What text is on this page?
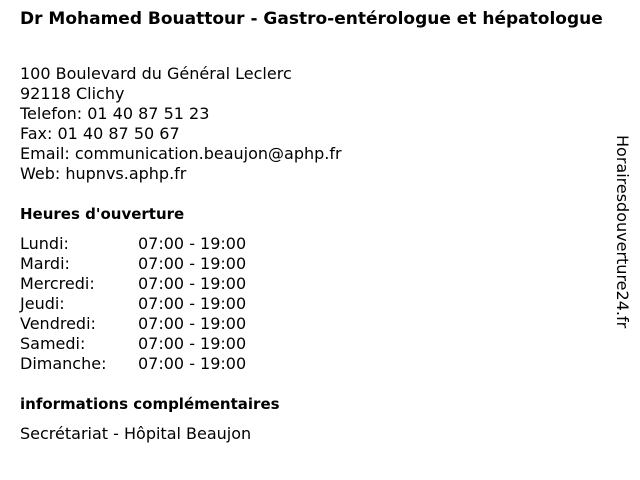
Dr Mohamed Bouattour - Gastro-entérologue et hépatologue
100 Boulevard du Général Leclerc
92118 Clichy
Telefon: 01 40 87 51 23
Fax: 01 40 87 50 67
Email: communication.beaujon@aphp.fr
Web: hupnvs.aphp.fr
Heures d'ouverture
Lundi:	07:00 - 19:00
Mardi:	07:00 - 19:00
Mercredi:	07:00 - 19:00
Jeudi:	07:00 - 19:00
Vendredi:	07:00 - 19:00
Samedi:	07:00 - 19:00
Dimanche: 07:00 - 19:00
informations complémentaires
Secrétariat - Hôpital Beaujon
Horairesdouverture24.fr
